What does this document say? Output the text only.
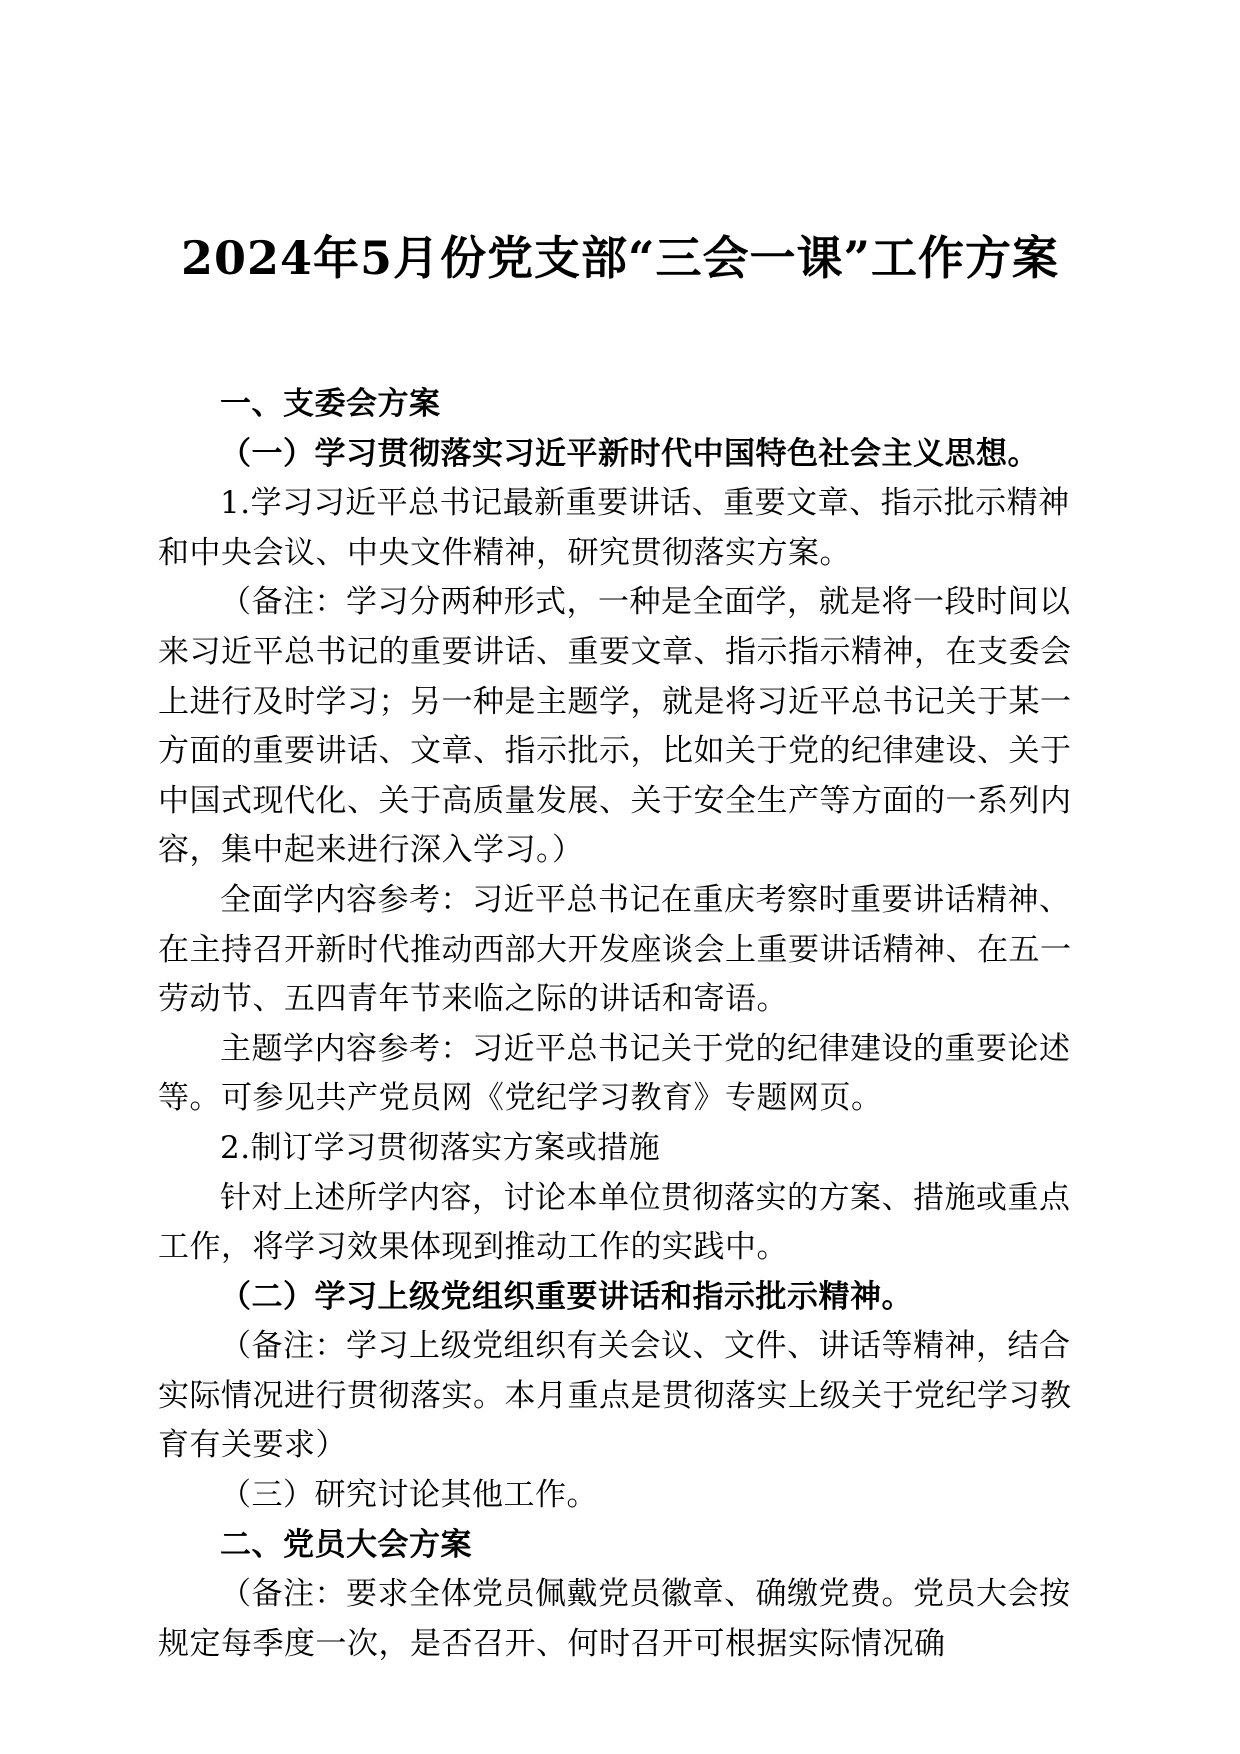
2024年5月份党支部“三会一课”工作方案

一、支委会方案

（一）学习贯彻落实习近平新时代中国特色社会主义思想。

1.学习习近平总书记最新重要讲话、重要文章、指示批示精神和中央会议、中央文件精神，研究贯彻落实方案。

（备注：学习分两种形式，一种是全面学，就是将一段时间以来习近平总书记的重要讲话、重要文章、指示指示精神，在支委会上进行及时学习；另一种是主题学，就是将习近平总书记关于某一方面的重要讲话、文章、指示批示，比如关于党的纪律建设、关于中国式现代化、关于高质量发展、关于安全生产等方面的一系列内容，集中起来进行深入学习。）

全面学内容参考：习近平总书记在重庆考察时重要讲话精神、在主持召开新时代推动西部大开发座谈会上重要讲话精神、在五一劳动节、五四青年节来临之际的讲话和寄语。

主题学内容参考：习近平总书记关于党的纪律建设的重要论述等。可参见共产党员网《党纪学习教育》专题网页。

2.制订学习贯彻落实方案或措施

针对上述所学内容，讨论本单位贯彻落实的方案、措施或重点工作，将学习效果体现到推动工作的实践中。

（二）学习上级党组织重要讲话和指示批示精神。

（备注：学习上级党组织有关会议、文件、讲话等精神，结合实际情况进行贯彻落实。本月重点是贯彻落实上级关于党纪学习教育有关要求）

（三）研究讨论其他工作。

二、党员大会方案

（备注：要求全体党员佩戴党员徽章、确缴党费。党员大会按规定每季度一次，是否召开、何时召开可根据实际情况确
